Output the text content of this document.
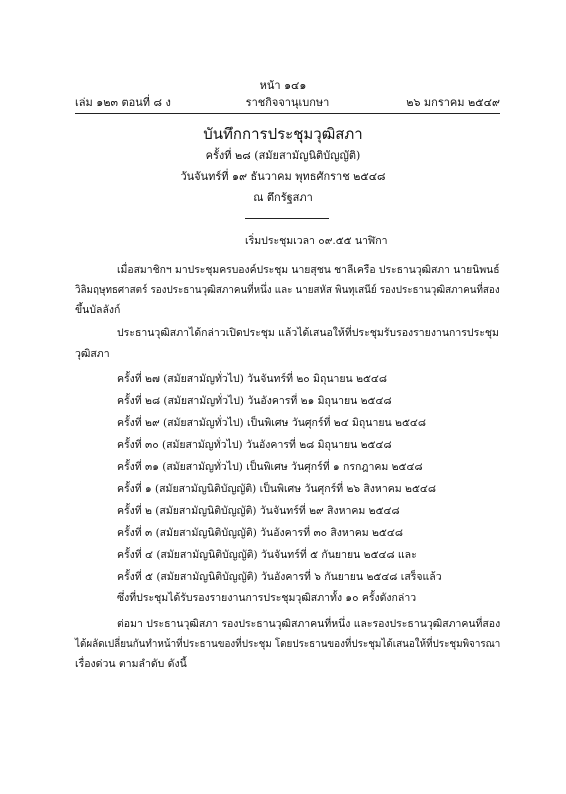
หน้า ๑๔๑
เล่ม ๑๒๓ ตอนที่ ๘ ง	ราชกิจจานุเบกษา	๒๖ มกราคม ๒๕๔๙
บันทึกการประชุมวุฒิสภา
ครั้งที่ ๒๘ (สมัยสามัญนิติบัญญัติ)
วันจันทร์ที่ ๑๙ ธันวาคม พุทธศักราช ๒๕๔๘
ณ ตึกรัฐสภา
เริ่มประชุมเวลา ๐๙.๕๕ นาฬิกา
เมื่อสมาชิกฯ มาประชุมครบองค์ประชุม นายสุชน ชาลีเครือ ประธานวุฒิสภา นายนิพนธ์
วิลิมฤษุทธศาสตร์ รองประธานวุฒิสภาคนที่หนึ่ง และ นายสหัส พินทุเสนีย์ รองประธานวุฒิสภาคนที่สอง
ขึ้นบัลลังก์
ประธานวุฒิสภาได้กล่าวเปิดประชุม แล้วได้เสนอให้ที่ประชุมรับรองรายงานการประชุม
วุฒิสภา
ครั้งที่ ๒๗ (สมัยสามัญทั่วไป) วันจันทร์ที่ ๒๐ มิถุนายน ๒๕๔๘
ครั้งที่ ๒๘ (สมัยสามัญทั่วไป) วันอังคารที่ ๒๑ มิถุนายน ๒๕๔๘
ครั้งที่ ๒๙ (สมัยสามัญทั่วไป) เป็นพิเศษ วันศุกร์ที่ ๒๔ มิถุนายน ๒๕๔๘
ครั้งที่ ๓๐ (สมัยสามัญทั่วไป) วันอังคารที่ ๒๘ มิถุนายน ๒๕๔๘
ครั้งที่ ๓๑ (สมัยสามัญทั่วไป) เป็นพิเศษ วันศุกร์ที่ ๑ กรกฎาคม ๒๕๔๘
ครั้งที่ ๑ (สมัยสามัญนิติบัญญัติ) เป็นพิเศษ วันศุกร์ที่ ๒๖ สิงหาคม ๒๕๔๘
ครั้งที่ ๒ (สมัยสามัญนิติบัญญัติ) วันจันทร์ที่ ๒๙ สิงหาคม ๒๕๔๘
ครั้งที่ ๓ (สมัยสามัญนิติบัญญัติ) วันอังคารที่ ๓๐ สิงหาคม ๒๕๔๘
ครั้งที่ ๔ (สมัยสามัญนิติบัญญัติ) วันจันทร์ที่ ๕ กันยายน ๒๕๔๘ และ
ครั้งที่ ๕ (สมัยสามัญนิติบัญญัติ) วันอังคารที่ ๖ กันยายน ๒๕๔๘ เสร็จแล้ว
ซึ่งที่ประชุมได้รับรองรายงานการประชุมวุฒิสภาทั้ง ๑๐ ครั้งดังกล่าว
ต่อมา ประธานวุฒิสภา รองประธานวุฒิสภาคนที่หนึ่ง และรองประธานวุฒิสภาคนที่สอง
ได้ผลัดเปลี่ยนกันทำหน้าที่ประธานของที่ประชุม โดยประธานของที่ประชุมได้เสนอให้ที่ประชุมพิจารณา
เรื่องด่วน ตามลำดับ ดังนี้
